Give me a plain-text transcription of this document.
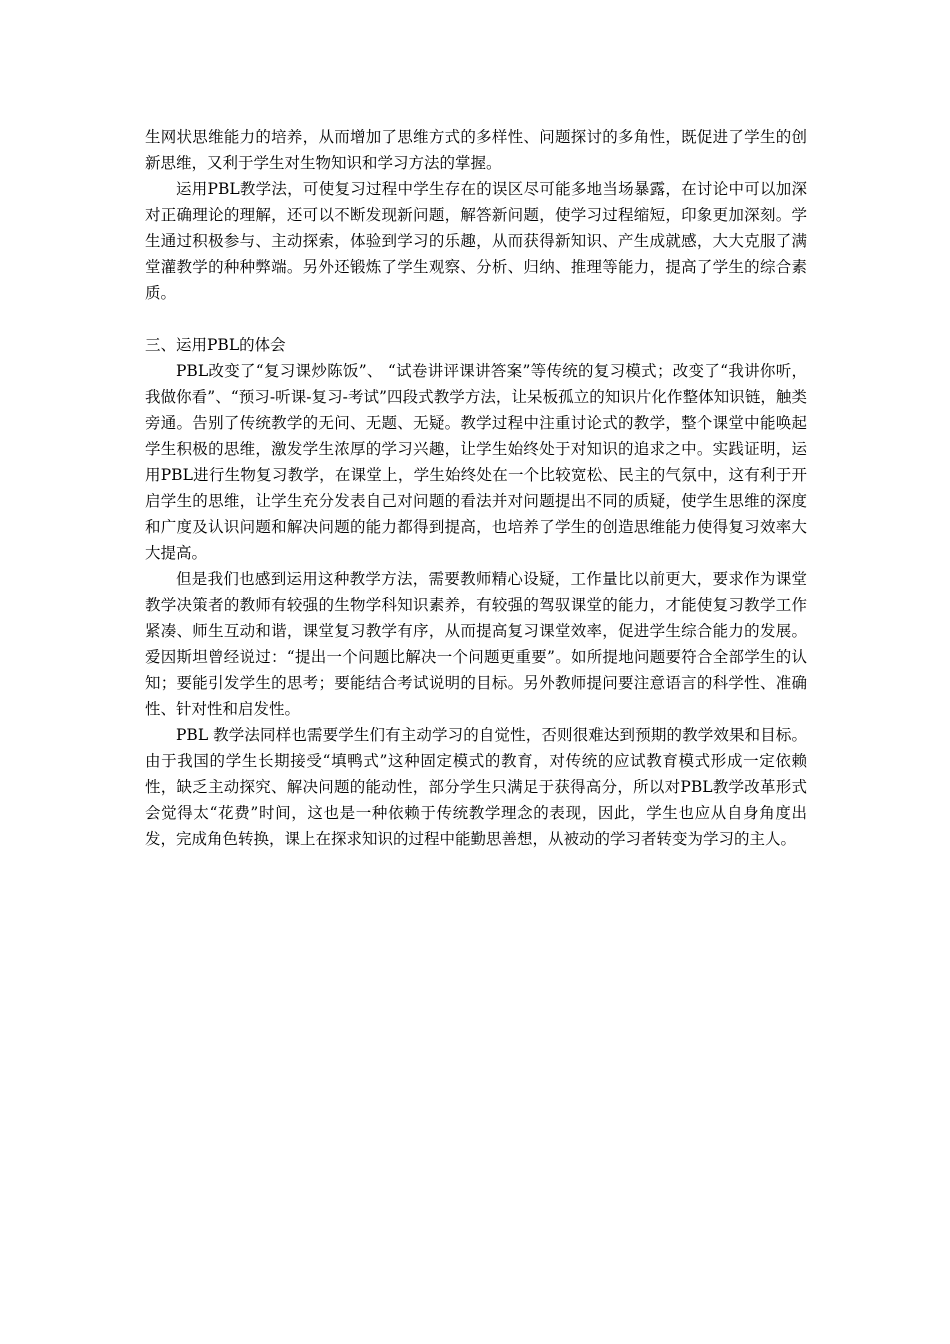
生网状思维能力的培养，从而增加了思维方式的多样性、问题探讨的多角性，既促进了学生的创新思维，又利于学生对生物知识和学习方法的掌握。

运用PBL教学法，可使复习过程中学生存在的误区尽可能多地当场暴露，在讨论中可以加深对正确理论的理解，还可以不断发现新问题，解答新问题，使学习过程缩短，印象更加深刻。学生通过积极参与、主动探索，体验到学习的乐趣，从而获得新知识、产生成就感，大大克服了满堂灌教学的种种弊端。另外还锻炼了学生观察、分析、归纳、推理等能力，提高了学生的综合素质。

三、运用PBL的体会

PBL改变了“复习课炒陈饭”、 “试卷讲评课讲答案”等传统的复习模式；改变了“我讲你听，我做你看”、“预习-听课-复习-考试”四段式教学方法，让呆板孤立的知识片化作整体知识链，触类旁通。告别了传统教学的无问、无题、无疑。教学过程中注重讨论式的教学，整个课堂中能唤起学生积极的思维，激发学生浓厚的学习兴趣，让学生始终处于对知识的追求之中。实践证明，运用PBL进行生物复习教学，在课堂上，学生始终处在一个比较宽松、民主的气氛中，这有利于开启学生的思维，让学生充分发表自己对问题的看法并对问题提出不同的质疑，使学生思维的深度和广度及认识问题和解决问题的能力都得到提高，也培养了学生的创造思维能力使得复习效率大大提高。

但是我们也感到运用这种教学方法，需要教师精心设疑，工作量比以前更大，要求作为课堂教学决策者的教师有较强的生物学科知识素养，有较强的驾驭课堂的能力，才能使复习教学工作紧凑、师生互动和谐，课堂复习教学有序，从而提高复习课堂效率，促进学生综合能力的发展。爱因斯坦曾经说过：“提出一个问题比解决一个问题更重要”。如所提地问题要符合全部学生的认知；要能引发学生的思考；要能结合考试说明的目标。另外教师提问要注意语言的科学性、准确性、针对性和启发性。

PBL 教学法同样也需要学生们有主动学习的自觉性，否则很难达到预期的教学效果和目标。由于我国的学生长期接受“填鸭式”这种固定模式的教育，对传统的应试教育模式形成一定依赖性，缺乏主动探究、解决问题的能动性，部分学生只满足于获得高分，所以对PBL教学改革形式会觉得太“花费”时间，这也是一种依赖于传统教学理念的表现，因此，学生也应从自身角度出发，完成角色转换，课上在探求知识的过程中能勤思善想，从被动的学习者转变为学习的主人。
